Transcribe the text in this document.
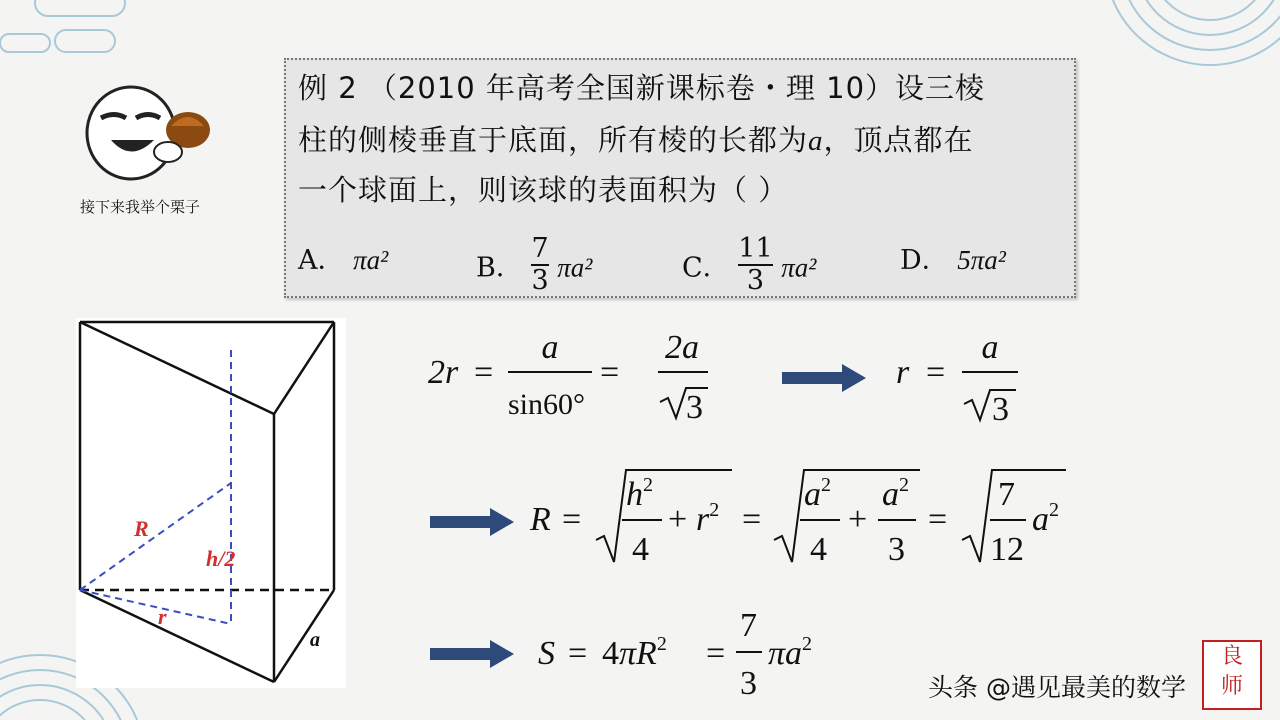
接下来我举个栗子
例 2 （2010 年高考全国新课标卷・理 10）设三棱
柱的侧棱垂直于底面，所有棱的长都为a，顶点都在
一个球面上，则该球的表面积为（ ）
A． πa²	B． $\frac{7}{3} \pi a^2$	C． $\frac{11}{3} \pi a^2$	D． 5πa²
R
h/2
r
a
2r =
a
sin60°
=
2a
3
r =
a
3
R =
$h^2$
4
+ $r^2$ =
$a^2$
4
+
$a^2$
3
=
7
12
$a^2$
$S = 4\pi R^2$ =
7
3
$\pi a^2$
头条 @遇见最美的数学
良
师
